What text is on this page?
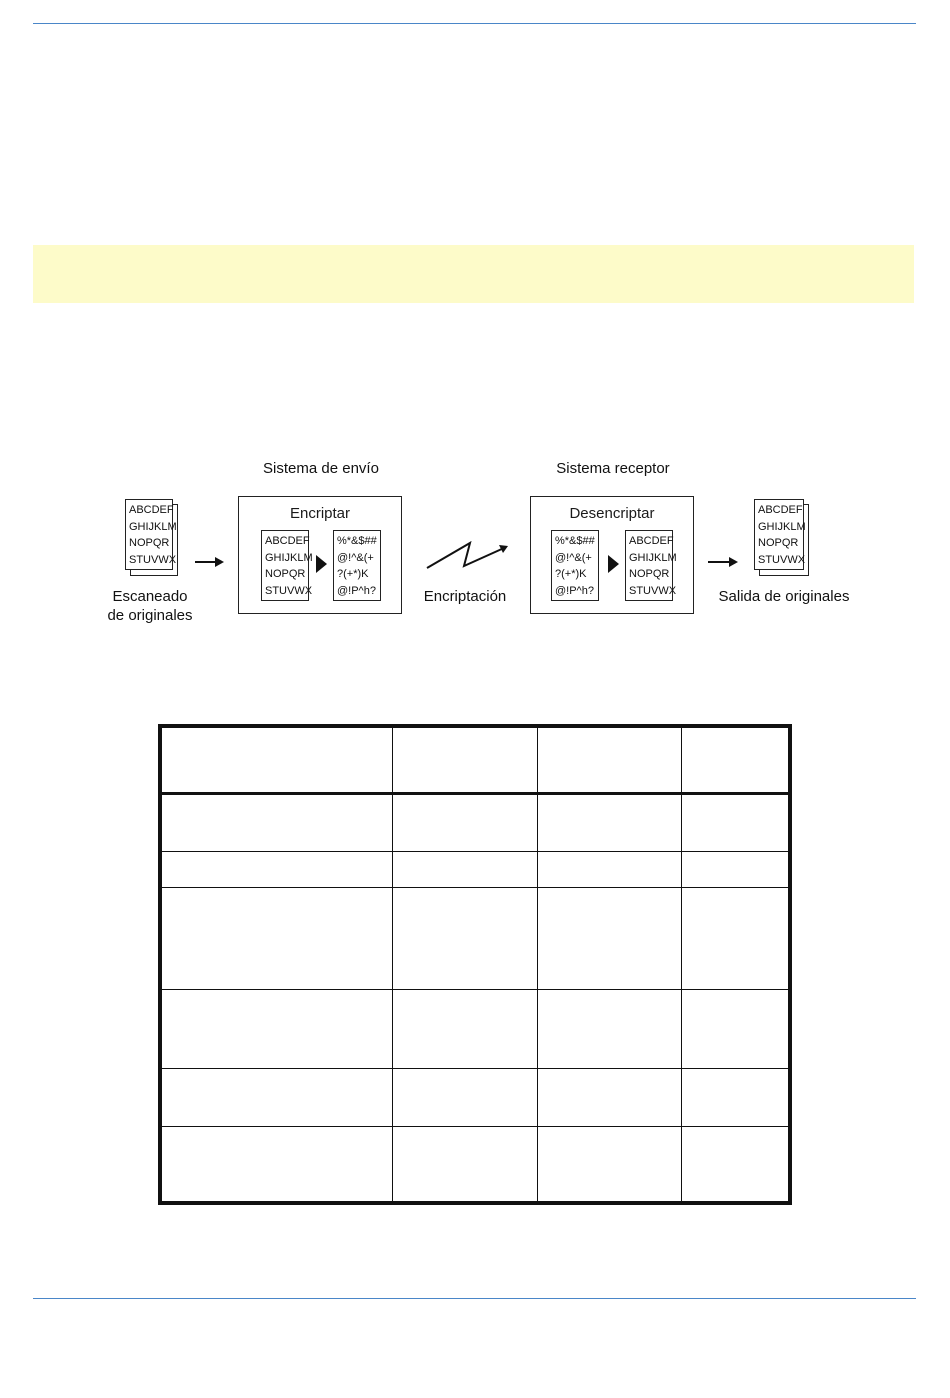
Sistema de envío	Sistema receptor
ABCDEF
GHIJKLM
NOPQR
STUVWX
Escaneado
de originales
Encriptar
ABCDEF
GHIJKLM
NOPQR
STUVWX
%*&$##
@!^&(+
?(+*)K
@!P^h?	Encriptación
Desencriptar
%*&$##
@!^&(+
?(+*)K
@!P^h?
ABCDEF
GHIJKLM
NOPQR
STUVWX
ABCDEF
GHIJKLM
NOPQR
STUVWX
Salida de originales
